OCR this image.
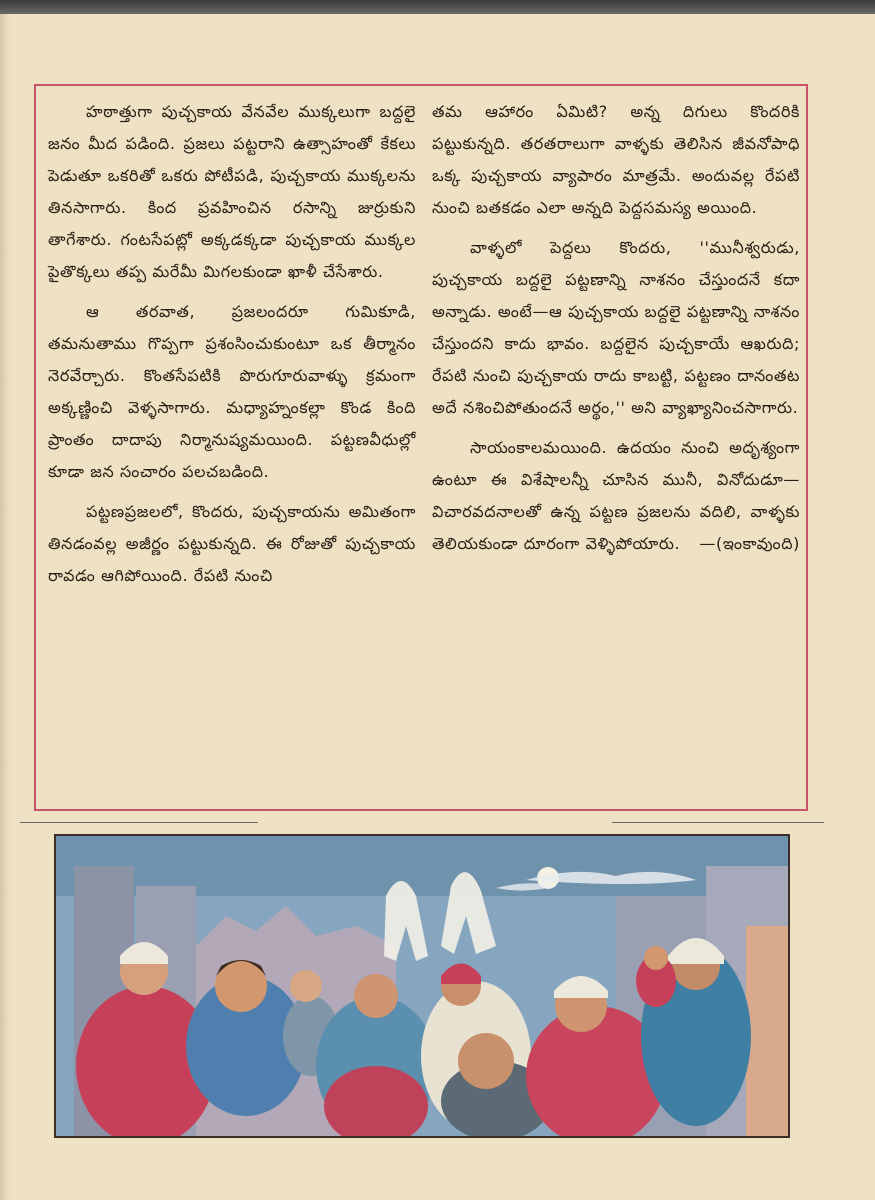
హఠాత్తుగా పుచ్చకాయ వేనవేల ముక్కలుగా బద్దలై జనం మీద పడింది. ప్రజలు పట్టరాని ఉత్సాహంతో కేకలు పెడుతూ ఒకరితో ఒకరు పోటీపడి, పుచ్చకాయ ముక్కలను తినసాగారు. కింద ప్రవహించిన రసాన్ని జుర్రుకుని తాగేశారు. గంటసేపట్లో అక్కడక్కడా పుచ్చకాయ ముక్కల పైతొక్కలు తప్ప మరేమీ మిగలకుండా ఖాళీ చేసేశారు.

ఆ తరవాత, ప్రజలందరూ గుమికూడి, తమనుతాము గొప్పగా ప్రశంసించుకుంటూ ఒక తీర్మానం నెరవేర్చారు. కొంతసేపటికి పొరుగూరువాళ్ళు క్రమంగా అక్కణ్ణించి వెళ్ళసాగారు. మధ్యాహ్నంకల్లా కొండ కింది ప్రాంతం దాదాపు నిర్మానుష్యమయింది. పట్టణవీధుల్లో కూడా జన సంచారం పలచబడింది.

పట్టణప్రజలలో, కొందరు, పుచ్చకాయను అమితంగా తినడంవల్ల అజీర్ణం పట్టుకున్నది. ఈ రోజుతో పుచ్చకాయ రావడం ఆగిపోయింది. రేపటి నుంచి

తమ ఆహారం ఏమిటి? అన్న దిగులు కొందరికి పట్టుకున్నది. తరతరాలుగా వాళ్ళకు తెలిసిన జీవనోపాధి ఒక్క పుచ్చకాయ వ్యాపారం మాత్రమే. అందువల్ల రేపటి నుంచి బతకడం ఎలా అన్నది పెద్దసమస్య అయింది.

వాళ్ళలో పెద్దలు కొందరు, ''మునీశ్వరుడు, పుచ్చకాయ బద్దలై పట్టణాన్ని నాశనం చేస్తుందనే కదా అన్నాడు. అంటే—ఆ పుచ్చకాయ బద్దలై పట్టణాన్ని నాశనం చేస్తుందని కాదు భావం. బద్దలైన పుచ్చకాయే ఆఖరుది; రేపటి నుంచి పుచ్చకాయ రాదు కాబట్టి, పట్టణం దానంతట అదే నశించిపోతుందనే అర్థం,'' అని వ్యాఖ్యానించసాగారు.

సాయంకాలమయింది. ఉదయం నుంచి అదృశ్యంగా ఉంటూ ఈ విశేషాలన్నీ చూసిన మునీ, వినోదుడూ— విచారవదనాలతో ఉన్న పట్టణ ప్రజలను వదిలి, వాళ్ళకు తెలియకుండా దూరంగా వెళ్ళిపోయారు.	—(ఇంకావుంది)
